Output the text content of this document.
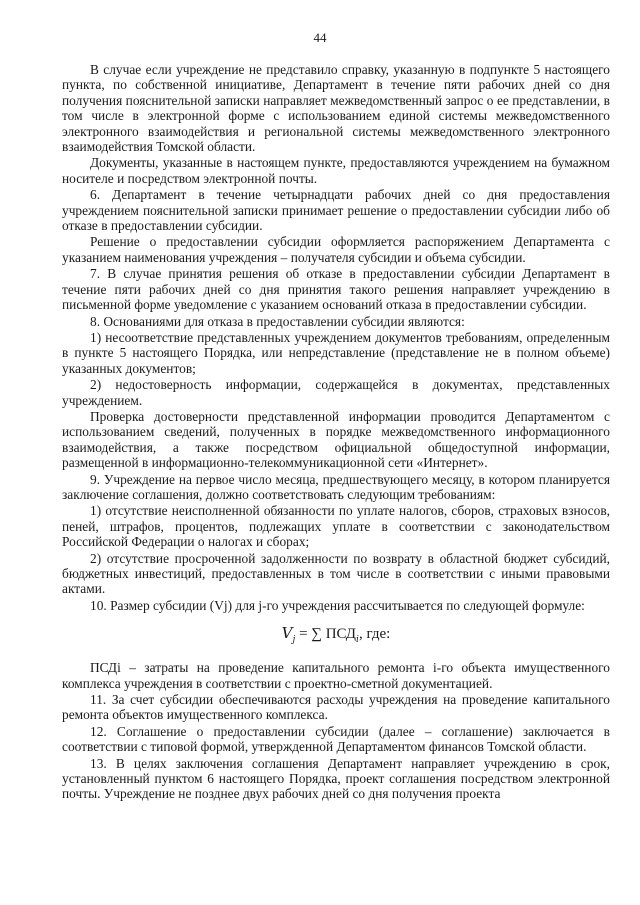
44

В случае если учреждение не представило справку, указанную в подпункте 5 настоящего пункта, по собственной инициативе, Департамент в течение пяти рабочих дней со дня получения пояснительной записки направляет межведомственный запрос о ее представлении, в том числе в электронной форме с использованием единой системы межведомственного электронного взаимодействия и региональной системы межведомственного электронного взаимодействия Томской области.

Документы, указанные в настоящем пункте, предоставляются учреждением на бумажном носителе и посредством электронной почты.

6. Департамент в течение четырнадцати рабочих дней со дня предоставления учреждением пояснительной записки принимает решение о предоставлении субсидии либо об отказе в предоставлении субсидии.

Решение о предоставлении субсидии оформляется распоряжением Департамента с указанием наименования учреждения – получателя субсидии и объема субсидии.

7. В случае принятия решения об отказе в предоставлении субсидии Департамент в течение пяти рабочих дней со дня принятия такого решения направляет учреждению в письменной форме уведомление с указанием оснований отказа в предоставлении субсидии.

8. Основаниями для отказа в предоставлении субсидии являются:

1) несоответствие представленных учреждением документов требованиям, определенным в пункте 5 настоящего Порядка, или непредставление (представление не в полном объеме) указанных документов;

2) недостоверность информации, содержащейся в документах, представленных учреждением.

Проверка достоверности представленной информации проводится Департаментом с использованием сведений, полученных в порядке межведомственного информационного взаимодействия, а также посредством официальной общедоступной информации, размещенной в информационно-телекоммуникационной сети «Интернет».

9. Учреждение на первое число месяца, предшествующего месяцу, в котором планируется заключение соглашения, должно соответствовать следующим требованиям:

1) отсутствие неисполненной обязанности по уплате налогов, сборов, страховых взносов, пеней, штрафов, процентов, подлежащих уплате в соответствии с законодательством Российской Федерации о налогах и сборах;

2) отсутствие просроченной задолженности по возврату в областной бюджет субсидий, бюджетных инвестиций, предоставленных в том числе в соответствии с иными правовыми актами.

10. Размер субсидии (Vj) для j-го учреждения рассчитывается по следующей формуле:

$V_j$ = ∑ $ПСД_i$, где:

ПСДi – затраты на проведение капитального ремонта i-го объекта имущественного комплекса учреждения в соответствии с проектно-сметной документацией.

11. За счет субсидии обеспечиваются расходы учреждения на проведение капитального ремонта объектов имущественного комплекса.

12. Соглашение о предоставлении субсидии (далее – соглашение) заключается в соответствии с типовой формой, утвержденной Департаментом финансов Томской области.

13. В целях заключения соглашения Департамент направляет учреждению в срок, установленный пунктом 6 настоящего Порядка, проект соглашения посредством электронной почты. Учреждение не позднее двух рабочих дней со дня получения проекта
